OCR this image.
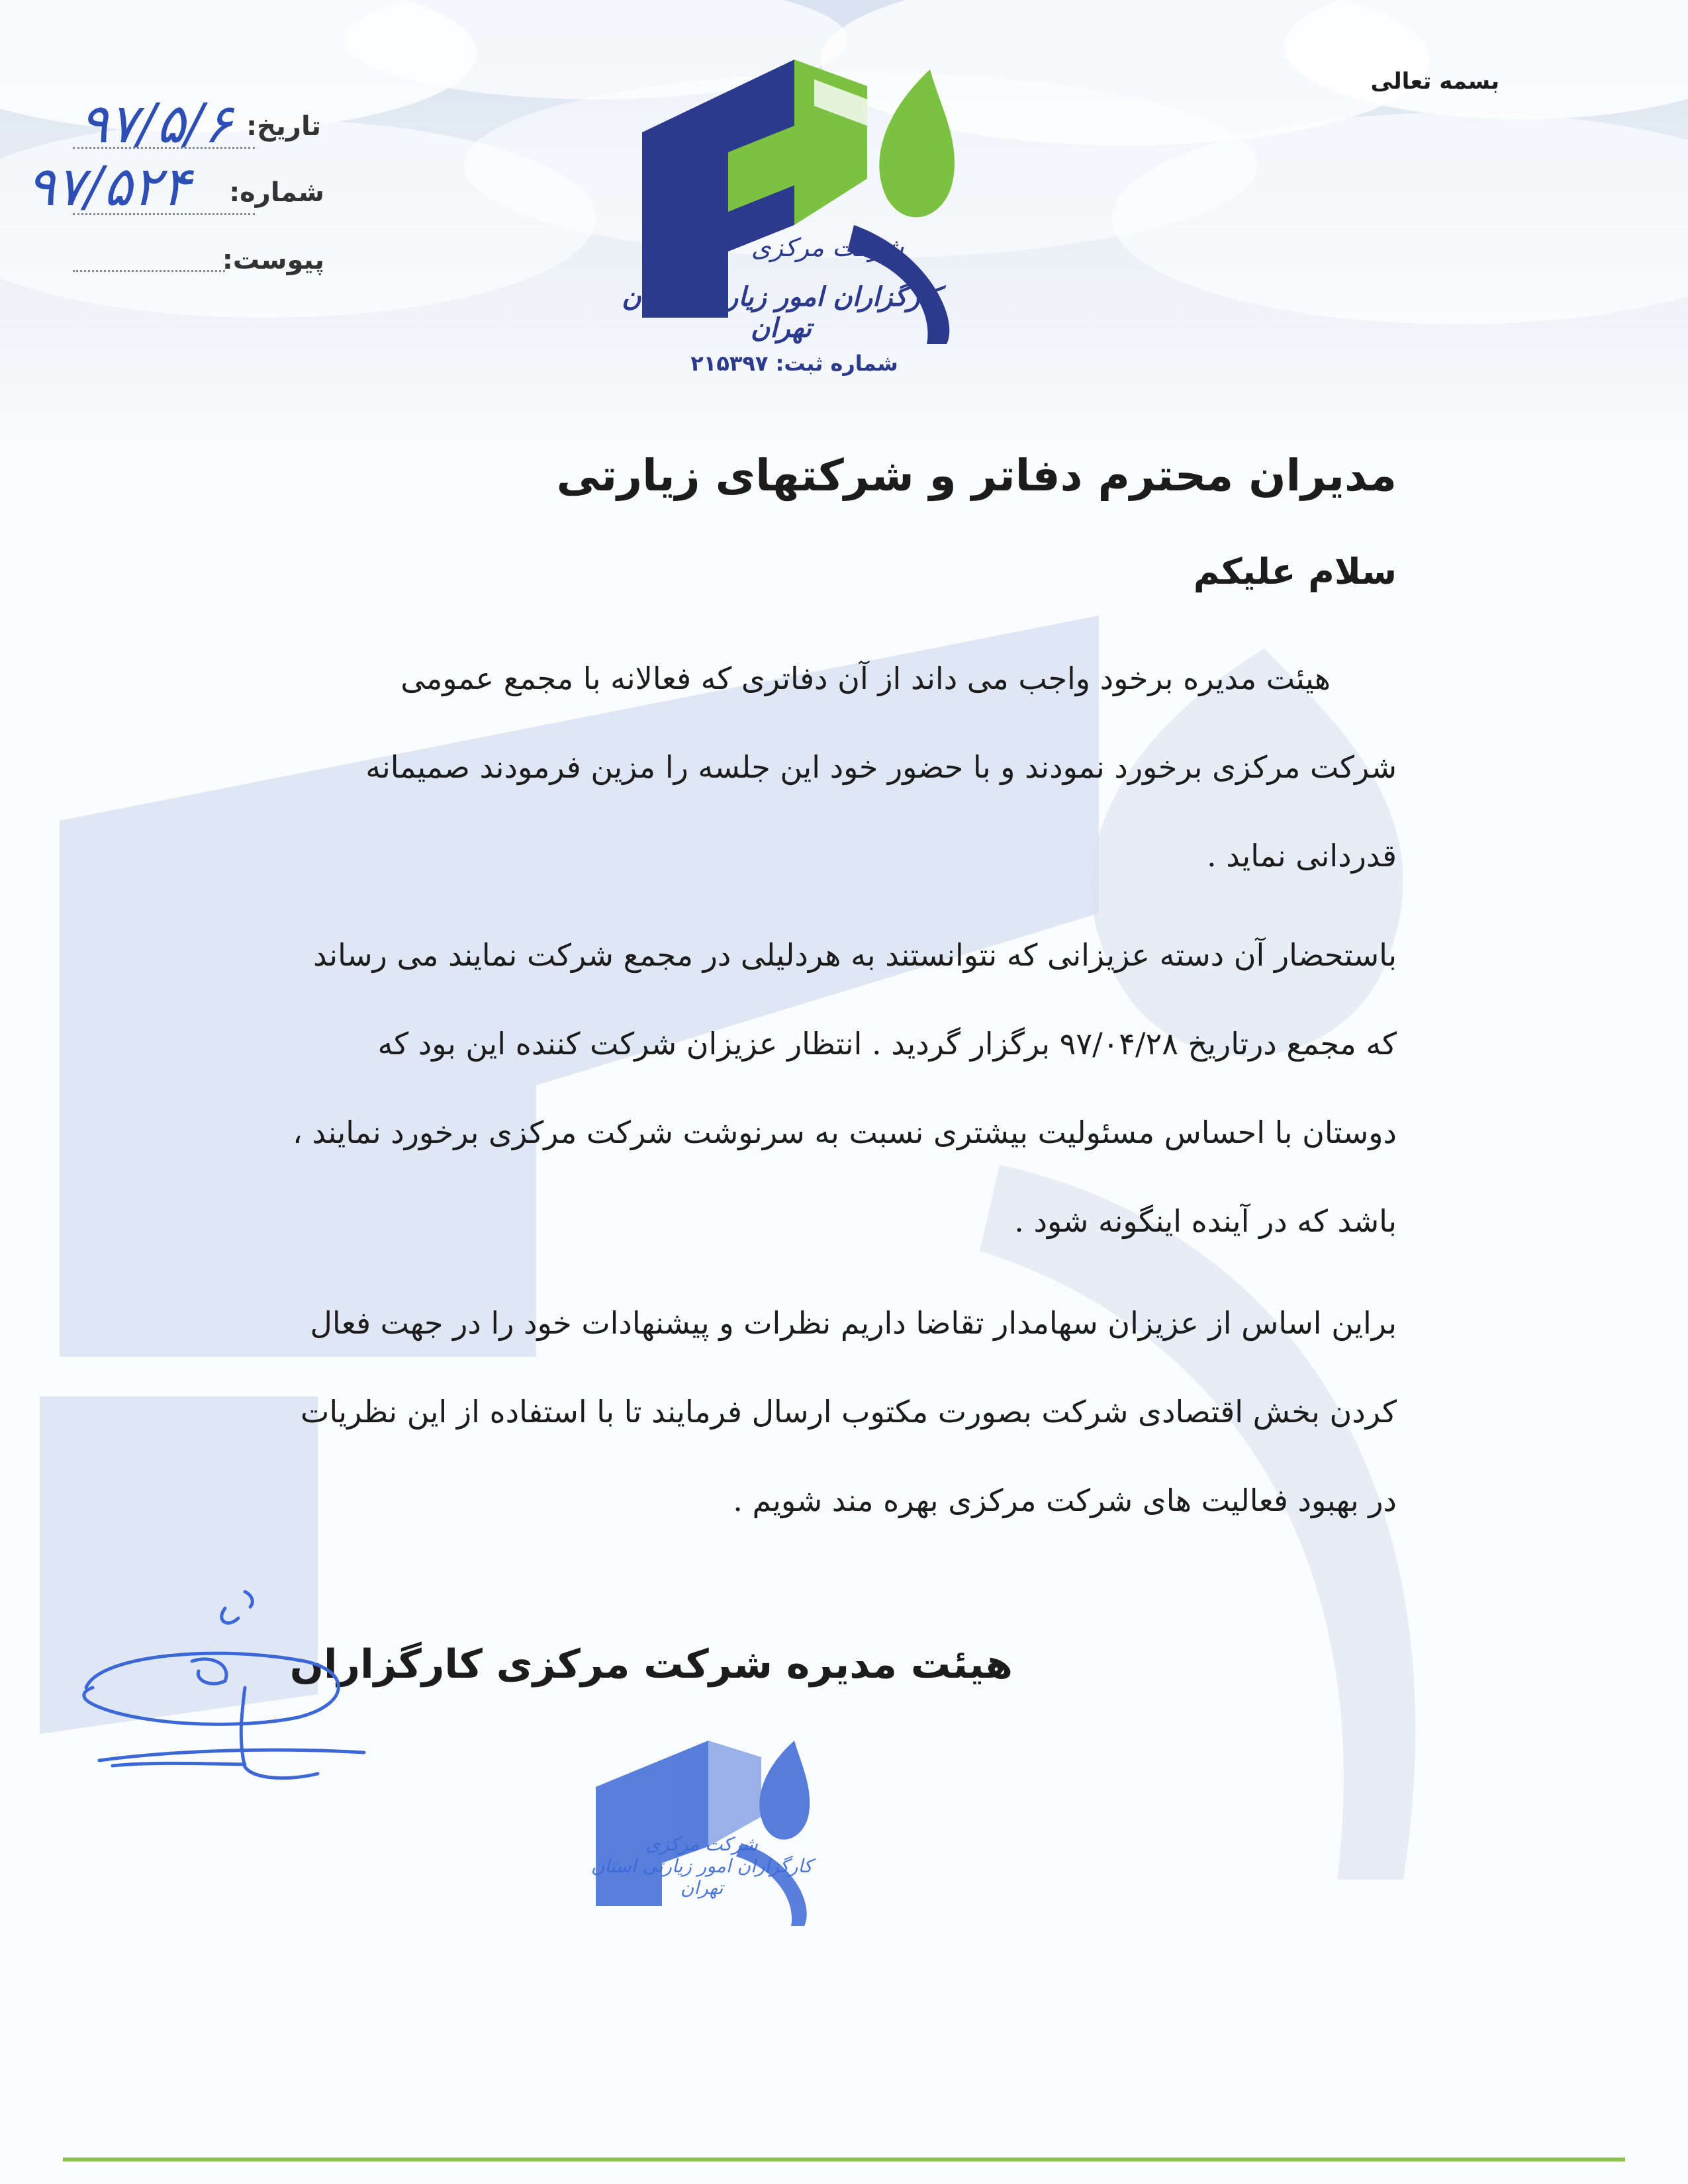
تاریخ:
۹۷/۵/۶
شماره:
۹۷/۵۲۴
پیوست:
بسمه تعالی
شرکت مرکزی
کارگزاران امور زیارتی استان تهران
شماره ثبت: ۲۱۵۳۹۷
مدیران محترم دفاتر و شرکتهای زیارتی
سلام علیکم
هیئت مدیره برخود واجب می داند از آن دفاتری که فعالانه با مجمع عمومی
شرکت مرکزی برخورد نمودند و با حضور خود این جلسه را مزین فرمودند صمیمانه
قدردانی نماید .
باستحضار آن دسته عزیزانی که نتوانستند به هردلیلی در مجمع شرکت نمایند می رساند
که مجمع درتاریخ ۹۷/۰۴/۲۸ برگزار گردید . انتظار عزیزان شرکت کننده این بود که
دوستان با احساس مسئولیت بیشتری نسبت به سرنوشت شرکت مرکزی برخورد نمایند ،
باشد که در آینده اینگونه شود .
براین اساس از عزیزان سهامدار تقاضا داریم نظرات و پیشنهادات خود را در جهت فعال
کردن بخش اقتصادی شرکت بصورت مکتوب ارسال فرمایند تا با استفاده از این نظریات
در بهبود فعالیت های شرکت مرکزی بهره مند شویم .
هیئت مدیره شرکت مرکزی کارگزاران
شرکت مرکزی
کارگزاران امور زیارتی استان تهران
